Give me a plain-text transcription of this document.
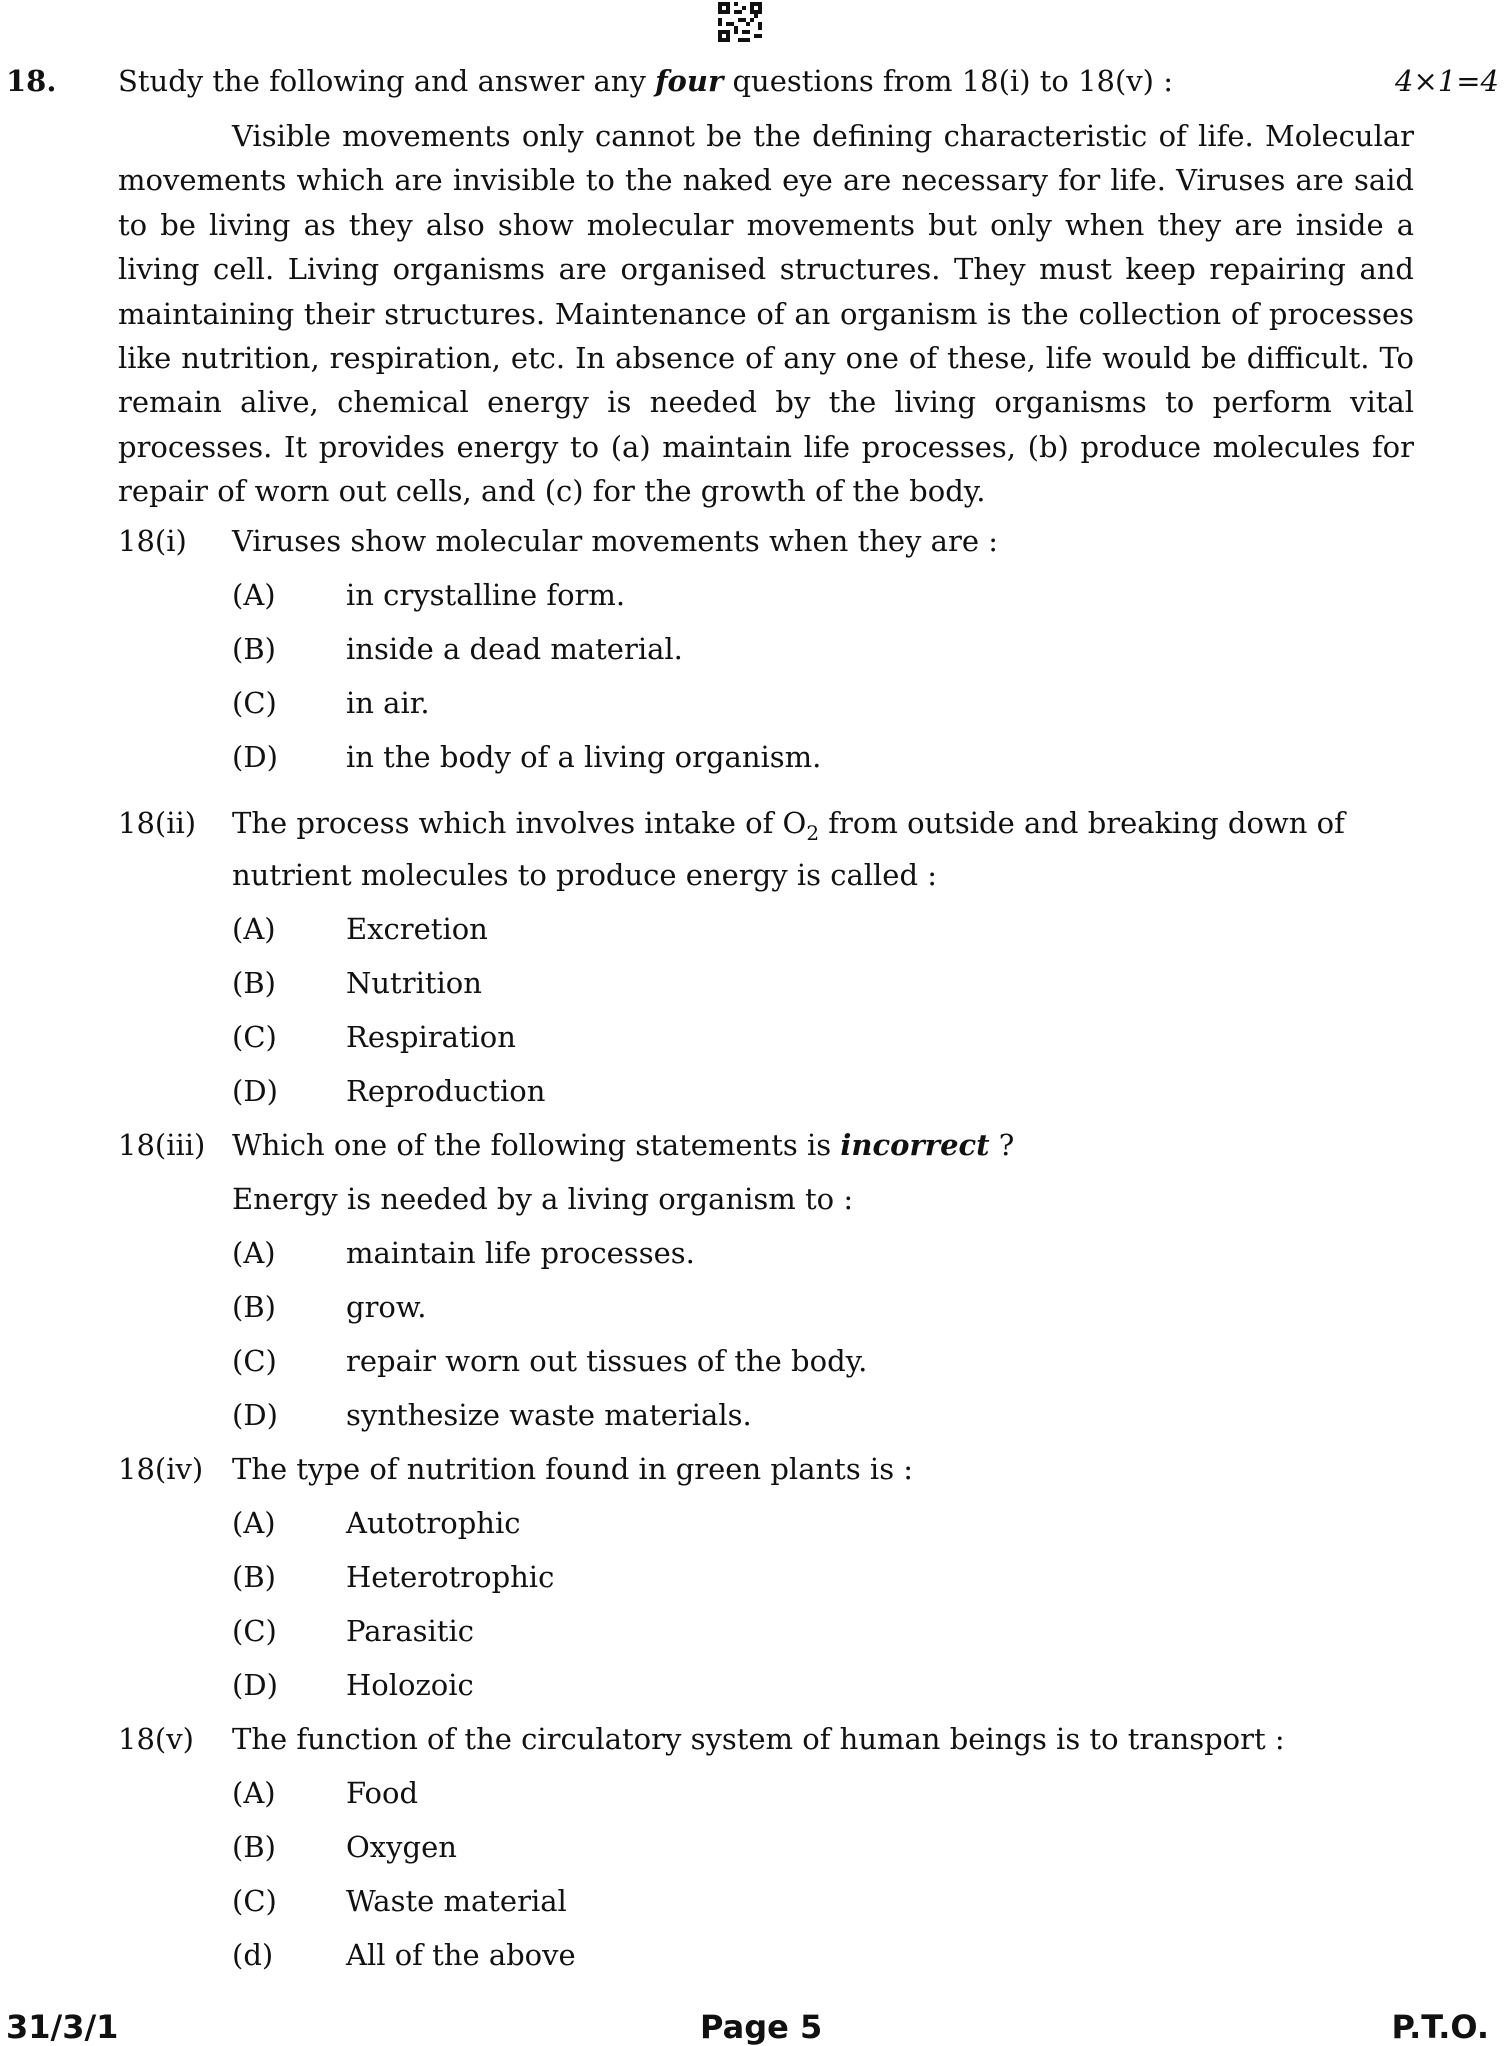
18. Study the following and answer any four questions from 18(i) to 18(v) :	4×1=4

Visible movements only cannot be the defining characteristic of life. Molecular movements which are invisible to the naked eye are necessary for life. Viruses are said to be living as they also show molecular movements but only when they are inside a living cell. Living organisms are organised structures. They must keep repairing and maintaining their structures. Maintenance of an organism is the collection of processes like nutrition, respiration, etc. In absence of any one of these, life would be difficult. To remain alive, chemical energy is needed by the living organisms to perform vital processes. It provides energy to (a) maintain life processes, (b) produce molecules for repair of worn out cells, and (c) for the growth of the body.

18(i) Viruses show molecular movements when they are :
(A) in crystalline form.
(B) inside a dead material.
(C) in air.
(D) in the body of a living organism.
18(ii) The process which involves intake of $O_2$ from outside and breaking down of
nutrient molecules to produce energy is called :
(A) Excretion
(B) Nutrition
(C) Respiration
(D) Reproduction
18(iii) Which one of the following statements is incorrect ?
Energy is needed by a living organism to :
(A) maintain life processes.
(B) grow.
(C) repair worn out tissues of the body.
(D) synthesize waste materials.
18(iv) The type of nutrition found in green plants is :
(A) Autotrophic
(B) Heterotrophic
(C) Parasitic
(D) Holozoic
18(v) The function of the circulatory system of human beings is to transport :
(A) Food
(B) Oxygen
(C) Waste material
(d)	All of the above
31/3/1	Page 5	P.T.O.
